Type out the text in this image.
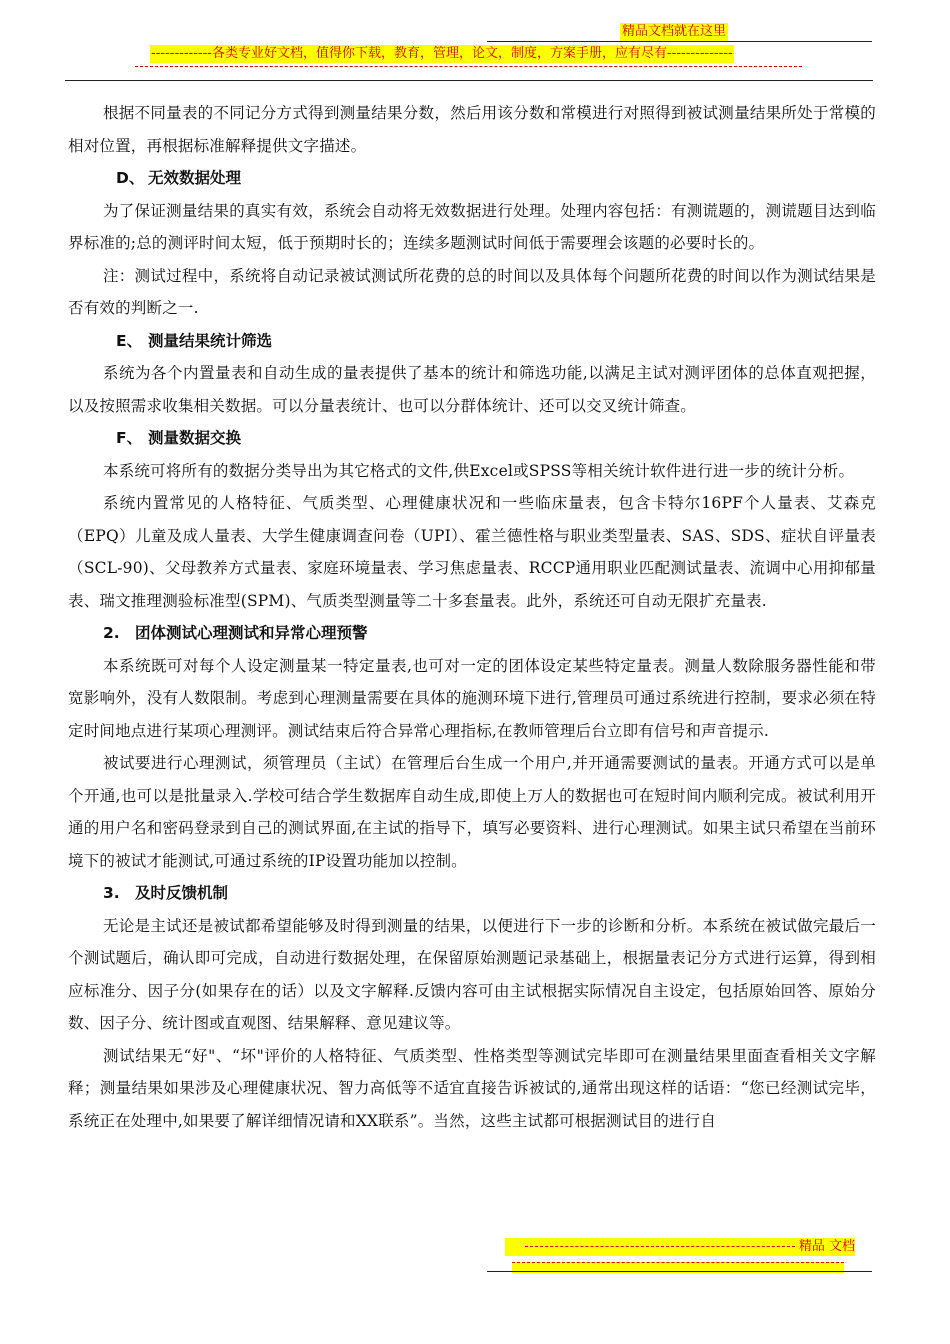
精品文档就在这里
-------------各类专业好文档，值得你下载，教育，管理，论文，制度，方案手册，应有尽有--------------

根据不同量表的不同记分方式得到测量结果分数，然后用该分数和常模进行对照得到被试测量结果所处于常模的相对位置，再根据标准解释提供文字描述。

D、 无效数据处理

为了保证测量结果的真实有效，系统会自动将无效数据进行处理。处理内容包括：有测谎题的，测谎题目达到临界标准的;总的测评时间太短，低于预期时长的；连续多题测试时间低于需要理会该题的必要时长的。

注：测试过程中，系统将自动记录被试测试所花费的总的时间以及具体每个问题所花费的时间以作为测试结果是否有效的判断之一.

E、 测量结果统计筛选

系统为各个内置量表和自动生成的量表提供了基本的统计和筛选功能,以满足主试对测评团体的总体直观把握，以及按照需求收集相关数据。可以分量表统计、也可以分群体统计、还可以交叉统计筛查。

F、 测量数据交换

本系统可将所有的数据分类导出为其它格式的文件,供Excel或SPSS等相关统计软件进行进一步的统计分析。

系统内置常见的人格特征、气质类型、心理健康状况和一些临床量表，包含卡特尔16PF个人量表、艾森克（EPQ）儿童及成人量表、大学生健康调查问卷（UPI）、霍兰德性格与职业类型量表、SAS、SDS、症状自评量表（SCL-90)、父母教养方式量表、家庭环境量表、学习焦虑量表、RCCP通用职业匹配测试量表、流调中心用抑郁量表、瑞文推理测验标准型(SPM)、气质类型测量等二十多套量表。此外，系统还可自动无限扩充量表.

2. 团体测试心理测试和异常心理预警

本系统既可对每个人设定测量某一特定量表,也可对一定的团体设定某些特定量表。测量人数除服务器性能和带宽影响外，没有人数限制。考虑到心理测量需要在具体的施测环境下进行,管理员可通过系统进行控制，要求必须在特定时间地点进行某项心理测评。测试结束后符合异常心理指标,在教师管理后台立即有信号和声音提示.

被试要进行心理测试，须管理员（主试）在管理后台生成一个用户,并开通需要测试的量表。开通方式可以是单个开通,也可以是批量录入.学校可结合学生数据库自动生成,即使上万人的数据也可在短时间内顺利完成。被试利用开通的用户名和密码登录到自己的测试界面,在主试的指导下，填写必要资料、进行心理测试。如果主试只希望在当前环境下的被试才能测试,可通过系统的IP设置功能加以控制。

3. 及时反馈机制

无论是主试还是被试都希望能够及时得到测量的结果，以便进行下一步的诊断和分析。本系统在被试做完最后一个测试题后，确认即可完成，自动进行数据处理，在保留原始测题记录基础上，根据量表记分方式进行运算，得到相应标准分、因子分(如果存在的话）以及文字解释.反馈内容可由主试根据实际情况自主设定，包括原始回答、原始分数、因子分、统计图或直观图、结果解释、意见建议等。

测试结果无“好"、“坏"评价的人格特征、气质类型、性格类型等测试完毕即可在测量结果里面查看相关文字解释；测量结果如果涉及心理健康状况、智力高低等不适宜直接告诉被试的,通常出现这样的话语：“您已经测试完毕，系统正在处理中,如果要了解详细情况请和XX联系”。当然，这些主试都可根据测试目的进行自

精品 文档
